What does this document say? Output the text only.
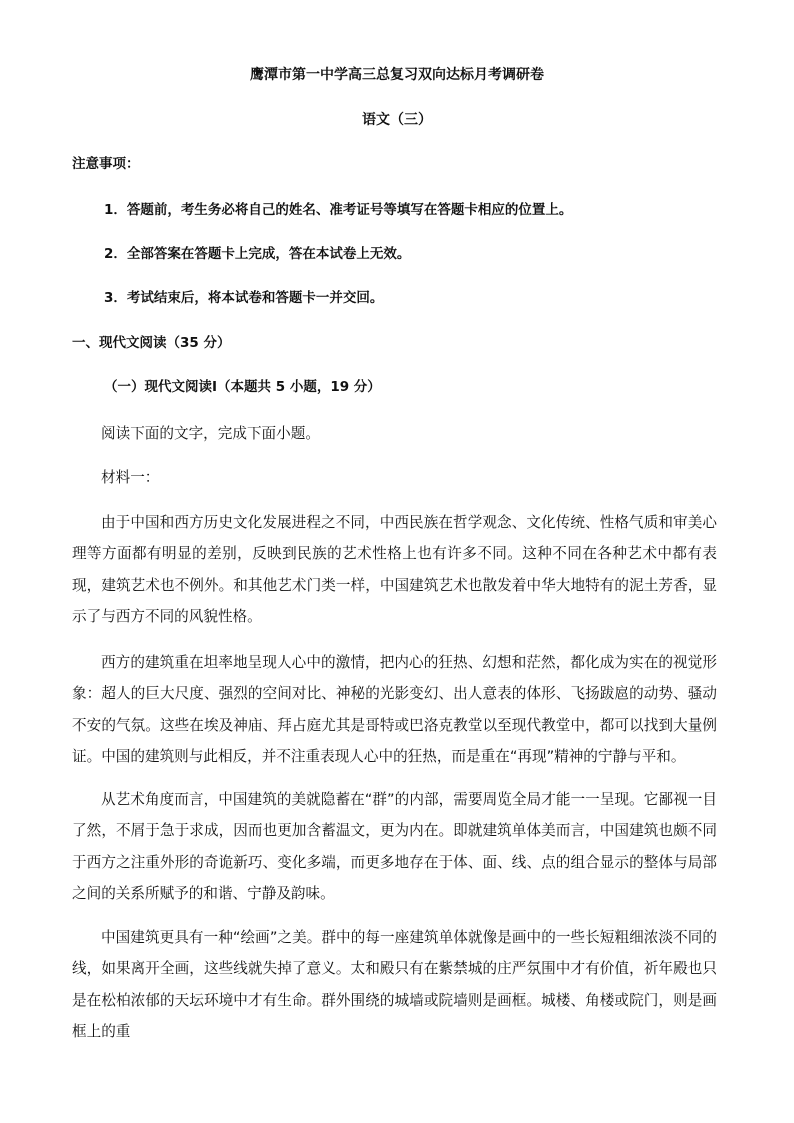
鹰潭市第一中学高三总复习双向达标月考调研卷
语文（三）
注意事项：
1．答题前，考生务必将自己的姓名、准考证号等填写在答题卡相应的位置上。
2．全部答案在答题卡上完成，答在本试卷上无效。
3．考试结束后，将本试卷和答题卡一并交回。
一、现代文阅读（35 分）
（一）现代文阅读Ⅰ（本题共 5 小题，19 分）
阅读下面的文字，完成下面小题。
材料一：

由于中国和西方历史文化发展进程之不同，中西民族在哲学观念、文化传统、性格气质和审美心理等方面都有明显的差别，反映到民族的艺术性格上也有许多不同。这种不同在各种艺术中都有表现，建筑艺术也不例外。和其他艺术门类一样，中国建筑艺术也散发着中华大地特有的泥土芳香，显示了与西方不同的风貌性格。

西方的建筑重在坦率地呈现人心中的激情，把内心的狂热、幻想和茫然，都化成为实在的视觉形象：超人的巨大尺度、强烈的空间对比、神秘的光影变幻、出人意表的体形、飞扬跋扈的动势、骚动不安的气氛。这些在埃及神庙、拜占庭尤其是哥特或巴洛克教堂以至现代教堂中，都可以找到大量例证。中国的建筑则与此相反，并不注重表现人心中的狂热，而是重在“再现”精神的宁静与平和。

从艺术角度而言，中国建筑的美就隐蓄在“群”的内部，需要周览全局才能一一呈现。它鄙视一目了然，不屑于急于求成，因而也更加含蓄温文，更为内在。即就建筑单体美而言，中国建筑也颇不同于西方之注重外形的奇诡新巧、变化多端，而更多地存在于体、面、线、点的组合显示的整体与局部之间的关系所赋予的和谐、宁静及韵味。

中国建筑更具有一种“绘画”之美。群中的每一座建筑单体就像是画中的一些长短粗细浓淡不同的线，如果离开全画，这些线就失掉了意义。太和殿只有在紫禁城的庄严氛围中才有价值，祈年殿也只是在松柏浓郁的天坛环境中才有生命。群外围绕的城墙或院墙则是画框。城楼、角楼或院门，则是画框上的重
